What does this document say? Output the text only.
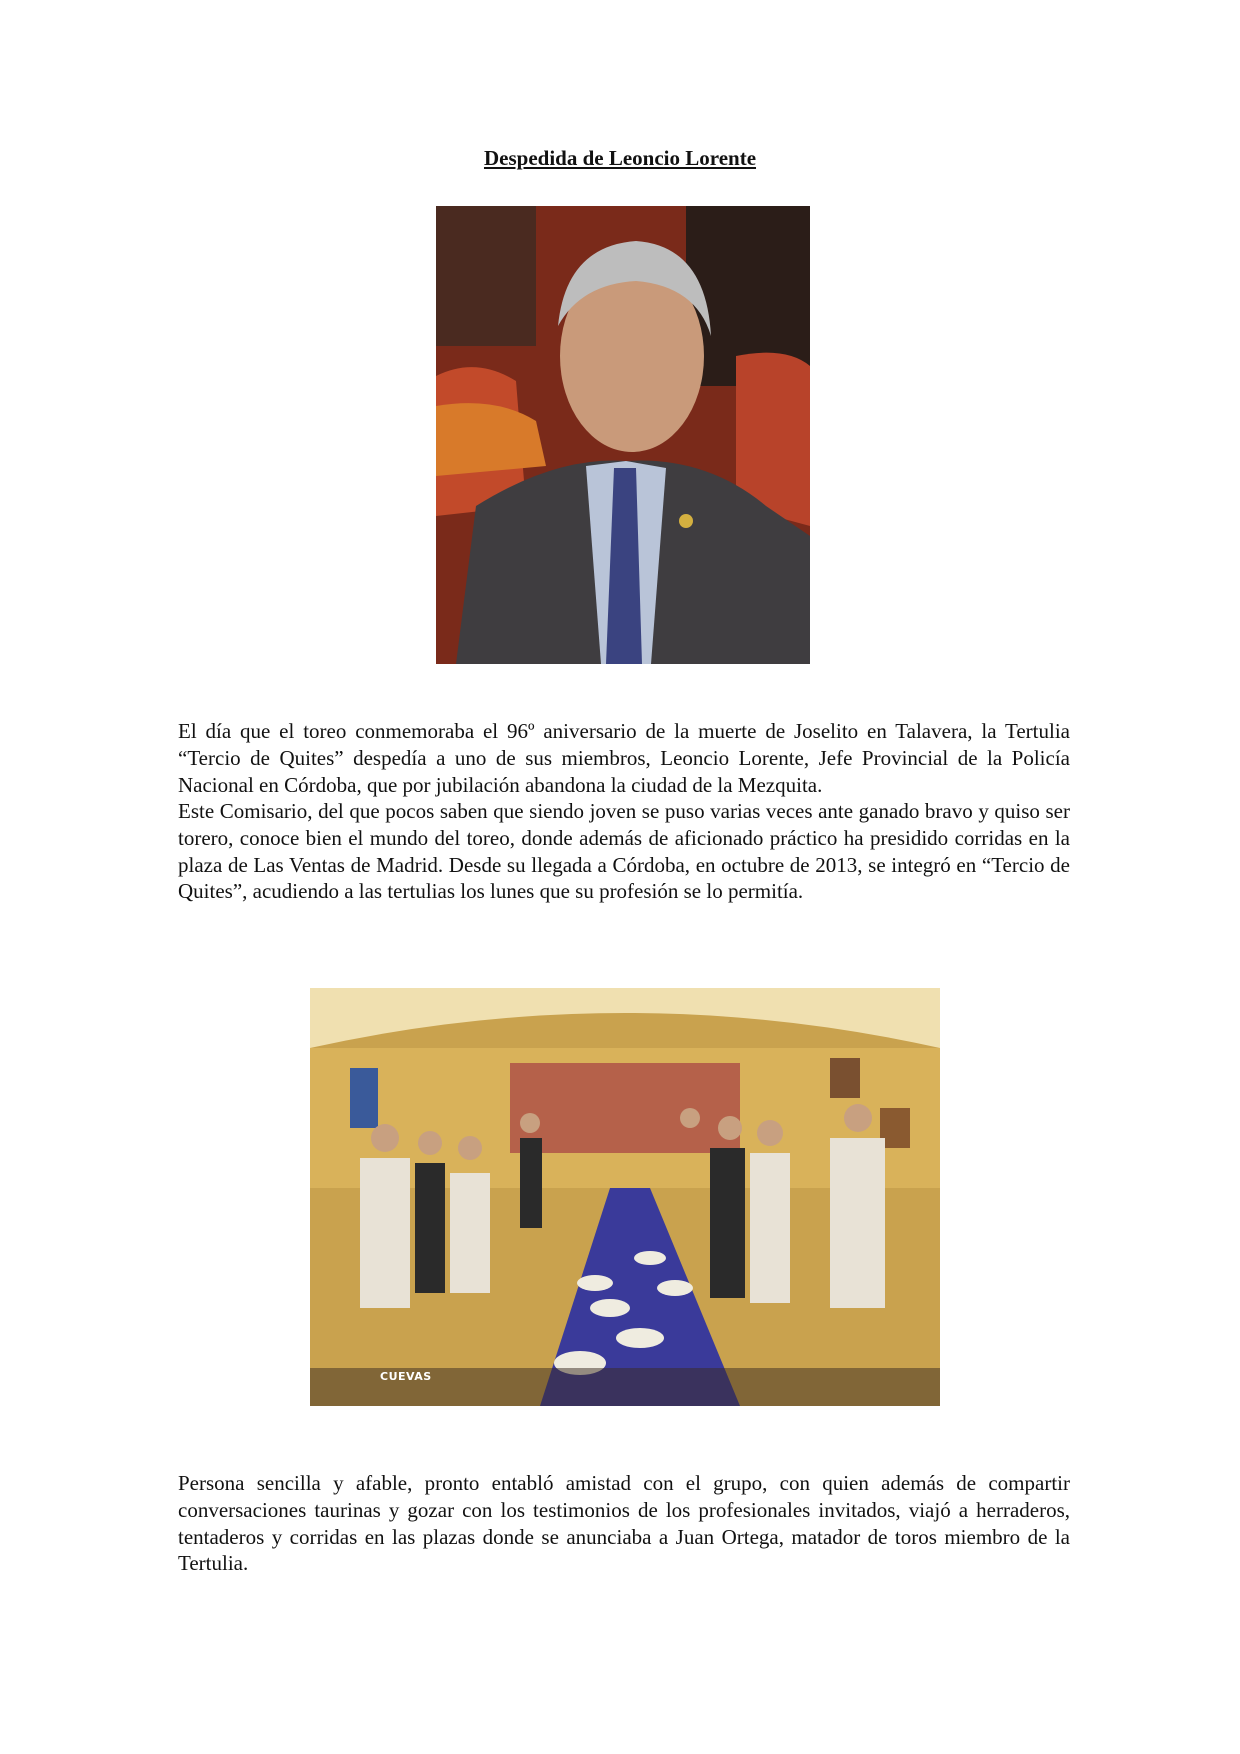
Despedida de Leoncio Lorente

El día que el toreo conmemoraba el 96º aniversario de la muerte de Joselito en Talavera, la Tertulia “Tercio de Quites” despedía a uno de sus miembros, Leoncio Lorente, Jefe Provincial de la Policía Nacional en Córdoba, que por jubilación abandona la ciudad de la Mezquita.

Este Comisario, del que pocos saben que siendo joven se puso varias veces ante ganado bravo y quiso ser torero, conoce bien el mundo del toreo, donde además de aficionado práctico ha presidido corridas en la plaza de Las Ventas de Madrid. Desde su llegada a Córdoba, en octubre de 2013, se integró en “Tercio de Quites”, acudiendo a las tertulias los lunes que su profesión se lo permitía.

CUEVAS

Persona sencilla y afable, pronto entabló amistad con el grupo, con quien además de compartir conversaciones taurinas y gozar con los testimonios de los profesionales invitados, viajó a herraderos, tentaderos y corridas en las plazas donde se anunciaba a Juan Ortega, matador de toros miembro de la Tertulia.
